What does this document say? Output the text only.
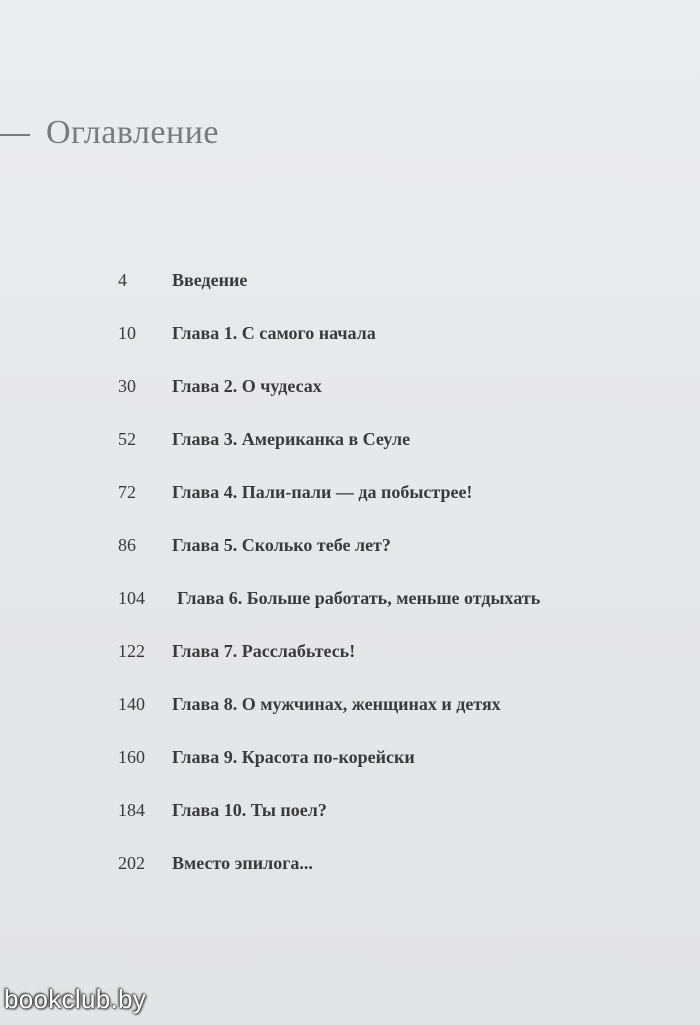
Оглавление
4	Введение
10	Глава 1. С самого начала
30	Глава 2. О чудесах
52	Глава 3. Американка в Сеуле
72	Глава 4. Пали-пали — да побыстрее!
86	Глава 5. Сколько тебе лет?
104	Глава 6. Больше работать, меньше отдыхать
122	Глава 7. Расслабьтесь!
140	Глава 8. О мужчинах, женщинах и детях
160	Глава 9. Красота по-корейски
184	Глава 10. Ты поел?
202	Вместо эпилога...
bookclub.by
